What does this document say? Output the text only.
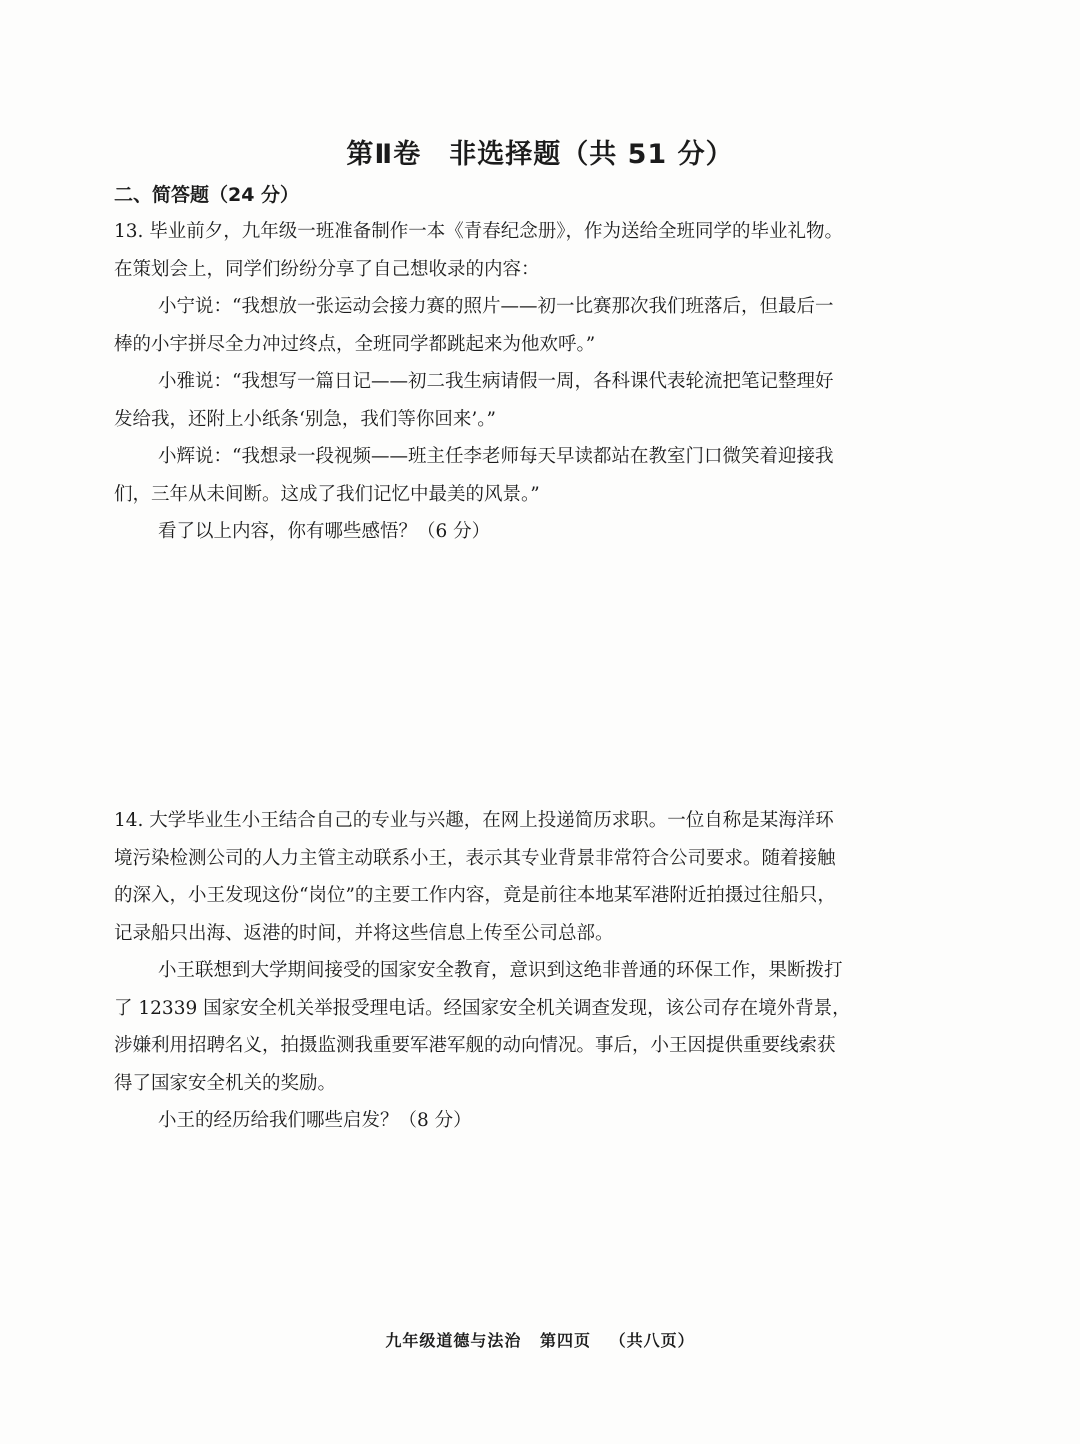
第Ⅱ卷　非选择题（共 51 分）
二、简答题（24 分）

13. 毕业前夕，九年级一班准备制作一本《青春纪念册》，作为送给全班同学的毕业礼物。

在策划会上，同学们纷纷分享了自己想收录的内容：

小宁说：“我想放一张运动会接力赛的照片——初一比赛那次我们班落后，但最后一

棒的小宇拼尽全力冲过终点，全班同学都跳起来为他欢呼。”

小雅说：“我想写一篇日记——初二我生病请假一周，各科课代表轮流把笔记整理好

发给我，还附上小纸条‘别急，我们等你回来’。”

小辉说：“我想录一段视频——班主任李老师每天早读都站在教室门口微笑着迎接我

们，三年从未间断。这成了我们记忆中最美的风景。”

看了以上内容，你有哪些感悟？（6 分）

14. 大学毕业生小王结合自己的专业与兴趣，在网上投递简历求职。一位自称是某海洋环

境污染检测公司的人力主管主动联系小王，表示其专业背景非常符合公司要求。随着接触

的深入，小王发现这份“岗位”的主要工作内容，竟是前往本地某军港附近拍摄过往船只，

记录船只出海、返港的时间，并将这些信息上传至公司总部。

小王联想到大学期间接受的国家安全教育，意识到这绝非普通的环保工作，果断拨打

了 12339 国家安全机关举报受理电话。经国家安全机关调查发现，该公司存在境外背景，

涉嫌利用招聘名义，拍摄监测我重要军港军舰的动向情况。事后，小王因提供重要线索获

得了国家安全机关的奖励。

小王的经历给我们哪些启发？（8 分）

九年级道德与法治 第四页 （共八页）
